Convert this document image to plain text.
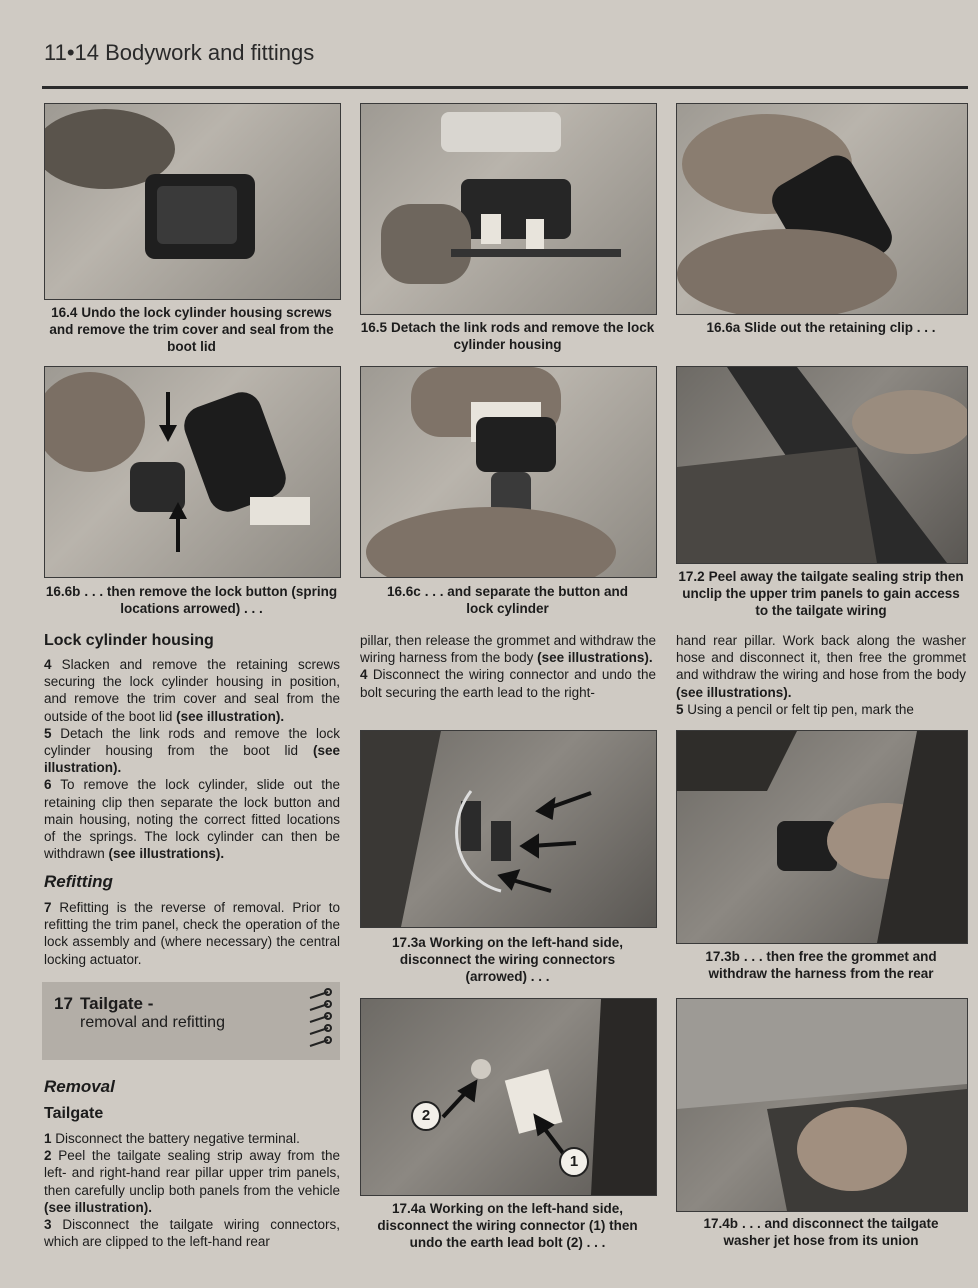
11•14 Bodywork and fittings
16.4 Undo the lock cylinder housing screws and remove the trim cover and seal from the boot lid
16.5 Detach the link rods and remove the lock cylinder housing
16.6a Slide out the retaining clip . . .
16.6b . . . then remove the lock button (spring locations arrowed) . . .
16.6c . . . and separate the button and lock cylinder
17.2 Peel away the tailgate sealing strip then unclip the upper trim panels to gain access to the tailgate wiring
Lock cylinder housing

4 Slacken and remove the retaining screws securing the lock cylinder housing in position, and remove the trim cover and seal from the outside of the boot lid (see illustration).

5 Detach the link rods and remove the lock cylinder housing from the boot lid (see illustration).

6 To remove the lock cylinder, slide out the retaining clip then separate the lock button and main housing, noting the correct fitted locations of the springs. The lock cylinder can then be withdrawn (see illustrations).

Refitting

7 Refitting is the reverse of removal. Prior to refitting the trim panel, check the operation of the lock assembly and (where necessary) the central locking actuator.

17 Tailgate -
removal and refitting
Removal
Tailgate

1 Disconnect the battery negative terminal.

2 Peel the tailgate sealing strip away from the left- and right-hand rear pillar upper trim panels, then carefully unclip both panels from the vehicle (see illustration).

3 Disconnect the tailgate wiring connectors, which are clipped to the left-hand rear

pillar, then release the grommet and withdraw the wiring harness from the body (see illustrations).

4 Disconnect the wiring connector and undo the bolt securing the earth lead to the right-

hand rear pillar. Work back along the washer hose and disconnect it, then free the grommet and withdraw the wiring and hose from the body (see illustrations).

5 Using a pencil or felt tip pen, mark the

17.3a Working on the left-hand side, disconnect the wiring connectors (arrowed) . . .
17.3b . . . then free the grommet and withdraw the harness from the rear
2
1
17.4a Working on the left-hand side, disconnect the wiring connector (1) then undo the earth lead bolt (2) . . .
17.4b . . . and disconnect the tailgate washer jet hose from its union
